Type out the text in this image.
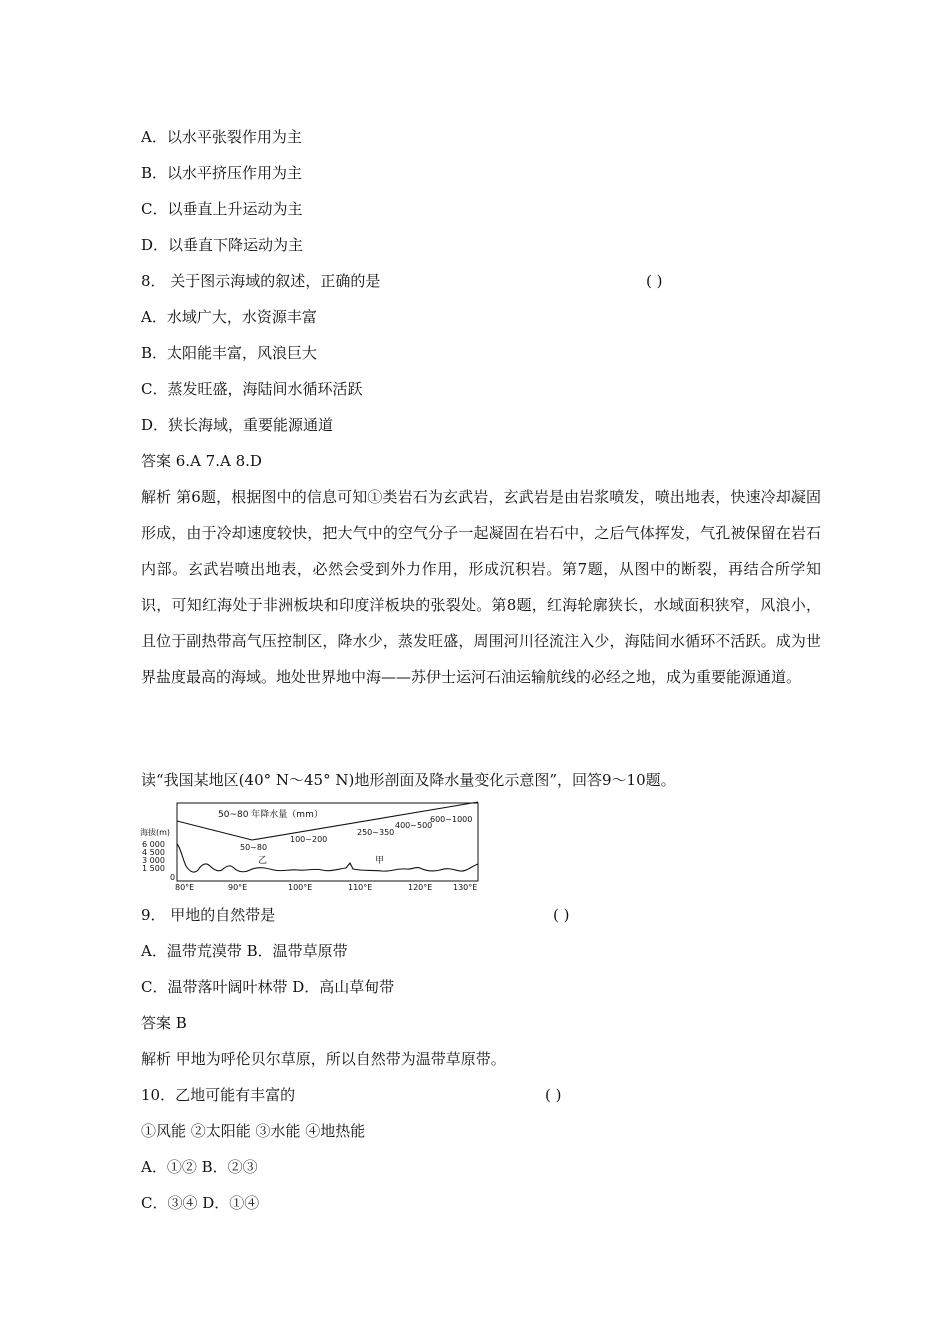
A．以水平张裂作用为主
B．以水平挤压作用为主
C．以垂直上升运动为主
D．以垂直下降运动为主
8． 关于图示海域的叙述，正确的是	( )
A．水域广大，水资源丰富
B．太阳能丰富，风浪巨大
C．蒸发旺盛，海陆间水循环活跃
D．狭长海域，重要能源通道
答案 6.A 7.A 8.D
解析 第6题，根据图中的信息可知①类岩石为玄武岩，玄武岩是由岩浆喷发，喷出地表，快速冷却凝固形成，由于冷却速度较快，把大气中的空气分子一起凝固在岩石中，之后气体挥发，气孔被保留在岩石内部。玄武岩喷出地表，必然会受到外力作用，形成沉积岩。第7题，从图中的断裂，再结合所学知识，可知红海处于非洲板块和印度洋板块的张裂处。第8题，红海轮廓狭长，水域面积狭窄，风浪小，且位于副热带高气压控制区，降水少，蒸发旺盛，周围河川径流注入少，海陆间水循环不活跃。成为世界盐度最高的海域。地处世界地中海——苏伊士运河石油运输航线的必经之地，成为重要能源通道。
读“我国某地区(40° N～45° N)地形剖面及降水量变化示意图”，回答9～10题。
50~80 年降水量（mm）
100~200
250~350
400~500
600~1000
50~80
海拔(m)
6 000
4 500
3 000
1 500
0
乙	甲
80°E	90°E	100°E	110°E	120°E	130°E
9． 甲地的自然带是	( )
A．温带荒漠带 B．温带草原带
C．温带落叶阔叶林带 D．高山草甸带
答案 B
解析 甲地为呼伦贝尔草原，所以自然带为温带草原带。
10．乙地可能有丰富的	( )
①风能 ②太阳能 ③水能 ④地热能
A．①② B．②③
C．③④ D．①④
